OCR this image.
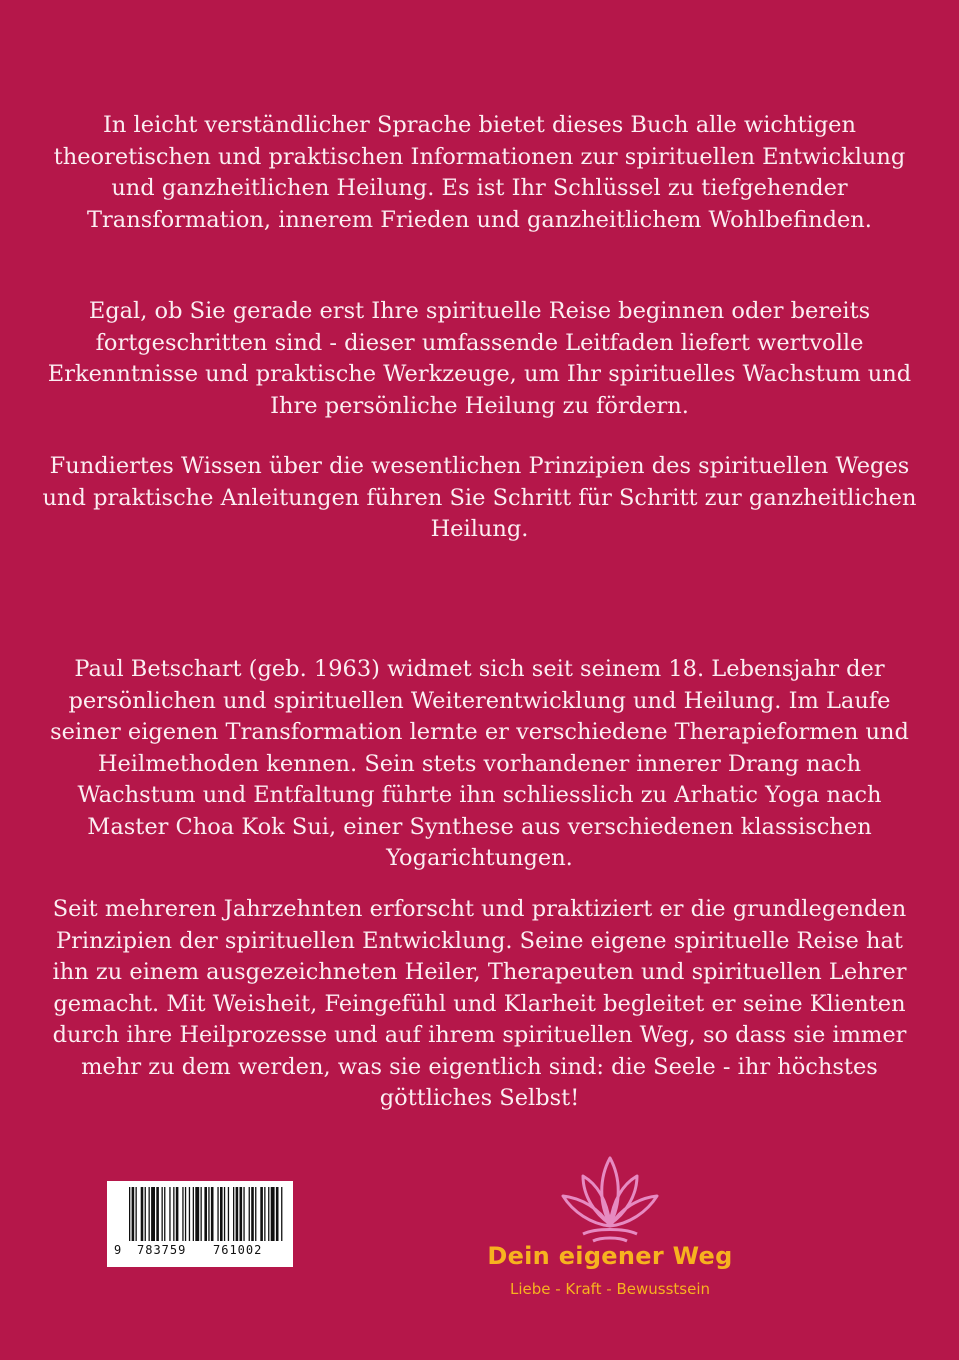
In leicht verständlicher Sprache bietet dieses Buch alle wichtigen theoretischen und praktischen Informationen zur spirituellen Entwicklung und ganzheitlichen Heilung. Es ist Ihr Schlüssel zu tiefgehender Transformation, innerem Frieden und ganzheitlichem Wohlbefinden.

Egal, ob Sie gerade erst Ihre spirituelle Reise beginnen oder bereits fortgeschritten sind - dieser umfassende Leitfaden liefert wertvolle Erkenntnisse und praktische Werkzeuge, um Ihr spirituelles Wachstum und Ihre persönliche Heilung zu fördern.

Fundiertes Wissen über die wesentlichen Prinzipien des spirituellen Weges und praktische Anleitungen führen Sie Schritt für Schritt zur ganzheitlichen Heilung.

Paul Betschart (geb. 1963) widmet sich seit seinem 18. Lebensjahr der persönlichen und spirituellen Weiterentwicklung und Heilung. Im Laufe seiner eigenen Transformation lernte er verschiedene Therapieformen und Heilmethoden kennen. Sein stets vorhandener innerer Drang nach Wachstum und Entfaltung führte ihn schliesslich zu Arhatic Yoga nach Master Choa Kok Sui, einer Synthese aus verschiedenen klassischen Yogarichtungen.

Seit mehreren Jahrzehnten erforscht und praktiziert er die grundlegenden Prinzipien der spirituellen Entwicklung. Seine eigene spirituelle Reise hat ihn zu einem ausgezeichneten Heiler, Therapeuten und spirituellen Lehrer gemacht. Mit Weisheit, Feingefühl und Klarheit begleitet er seine Klienten durch ihre Heilprozesse und auf ihrem spirituellen Weg, so dass sie immer mehr zu dem werden, was sie eigentlich sind: die Seele - ihr höchstes göttliches Selbst!

9 783759 761002	Dein eigener Weg
Liebe - Kraft - Bewusstsein
